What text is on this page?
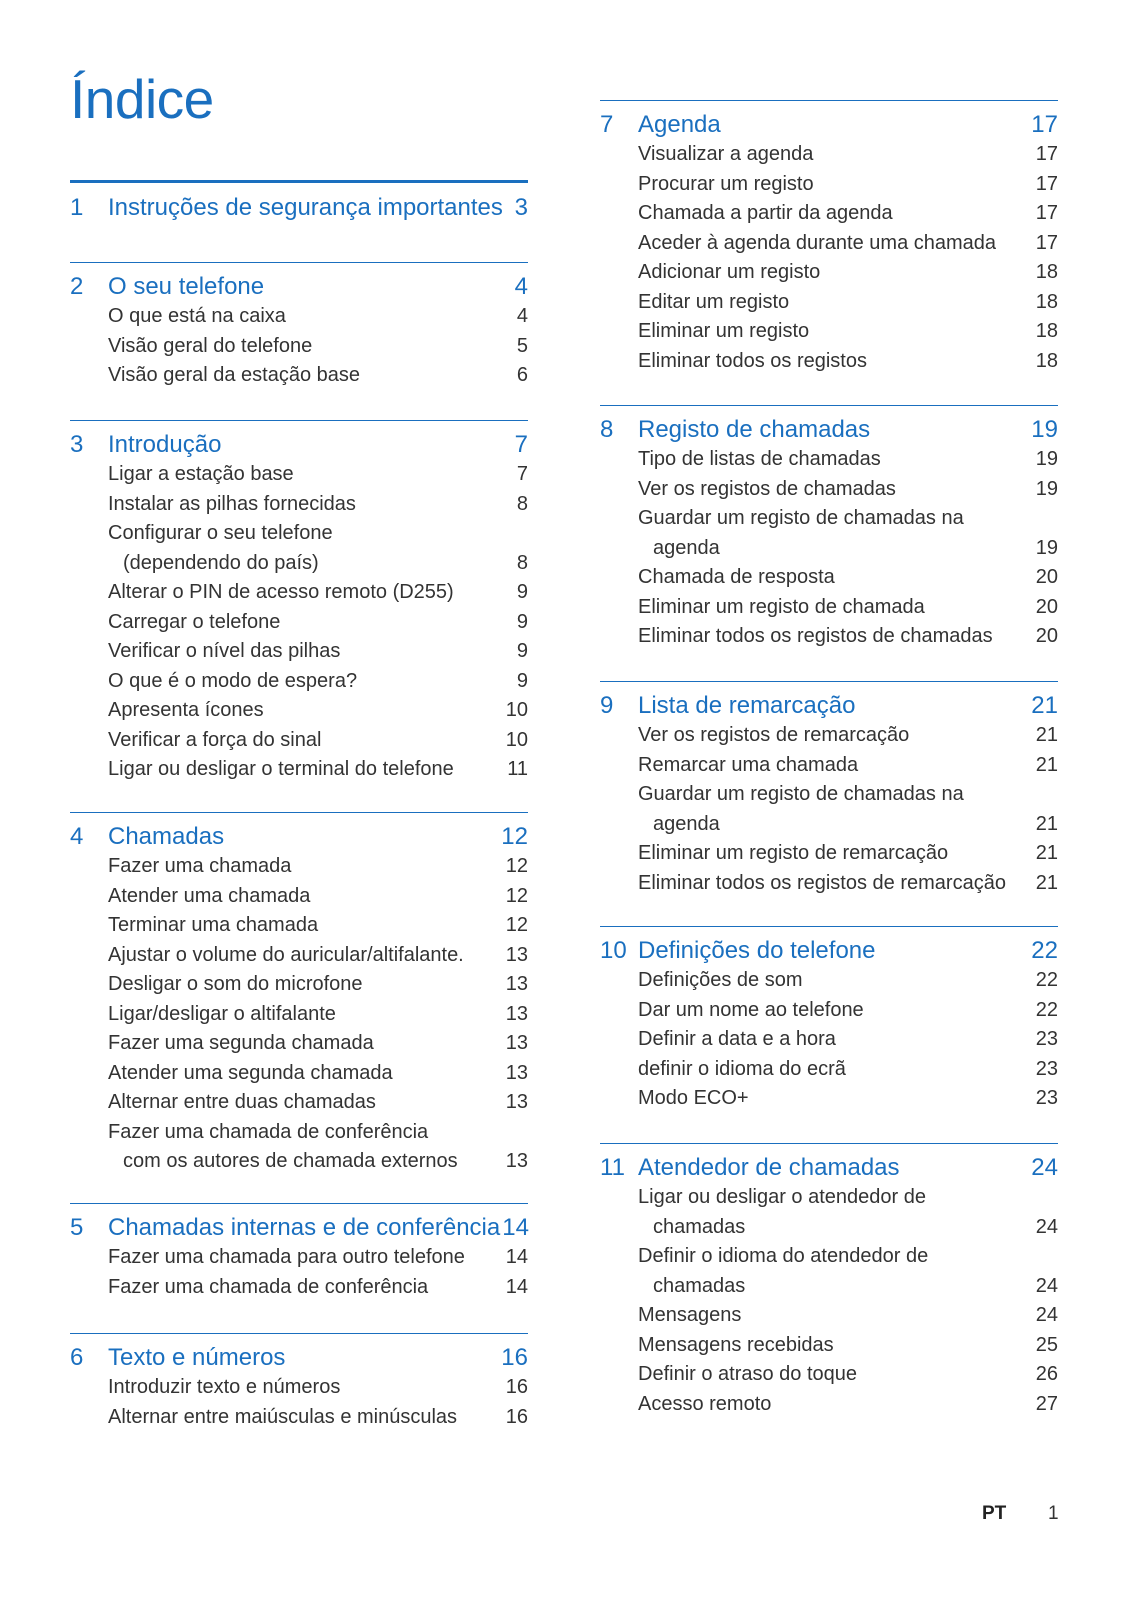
Índice
1	Instruções de segurança importantes 3
2	O seu telefone	4
O que está na caixa	4
Visão geral do telefone	5
Visão geral da estação base	6
3	Introdução	7
Ligar a estação base	7
Instalar as pilhas fornecidas	8
Configurar o seu telefone
(dependendo do país)	8
Alterar o PIN de acesso remoto (D255)	9
Carregar o telefone	9
Verificar o nível das pilhas	9
O que é o modo de espera?	9
Apresenta ícones	10
Verificar a força do sinal	10
Ligar ou desligar o terminal do telefone	11
4	Chamadas	12
Fazer uma chamada	12
Atender uma chamada	12
Terminar uma chamada	12
Ajustar o volume do auricular/altifalante.	13
Desligar o som do microfone	13
Ligar/desligar o altifalante	13
Fazer uma segunda chamada	13
Atender uma segunda chamada	13
Alternar entre duas chamadas	13
Fazer uma chamada de conferência
com os autores de chamada externos	13
5	Chamadas internas e de conferência 14
Fazer uma chamada para outro telefone	14
Fazer uma chamada de conferência	14
6	Texto e números	16
Introduzir texto e números	16
Alternar entre maiúsculas e minúsculas	16
7	Agenda	17
Visualizar a agenda	17
Procurar um registo	17
Chamada a partir da agenda	17
Aceder à agenda durante uma chamada	17
Adicionar um registo	18
Editar um registo	18
Eliminar um registo	18
Eliminar todos os registos	18
8	Registo de chamadas	19
Tipo de listas de chamadas	19
Ver os registos de chamadas	19
Guardar um registo de chamadas na
agenda	19
Chamada de resposta	20
Eliminar um registo de chamada	20
Eliminar todos os registos de chamadas	20
9	Lista de remarcação	21
Ver os registos de remarcação	21
Remarcar uma chamada	21
Guardar um registo de chamadas na
agenda	21
Eliminar um registo de remarcação	21
Eliminar todos os registos de remarcação	21
10 Definições do telefone	22
Definições de som	22
Dar um nome ao telefone	22
Definir a data e a hora	23
definir o idioma do ecrã	23
Modo ECO+	23
11 Atendedor de chamadas	24
Ligar ou desligar o atendedor de
chamadas	24
Definir o idioma do atendedor de
chamadas	24
Mensagens	24
Mensagens recebidas	25
Definir o atraso do toque	26
Acesso remoto	27
PT 1
